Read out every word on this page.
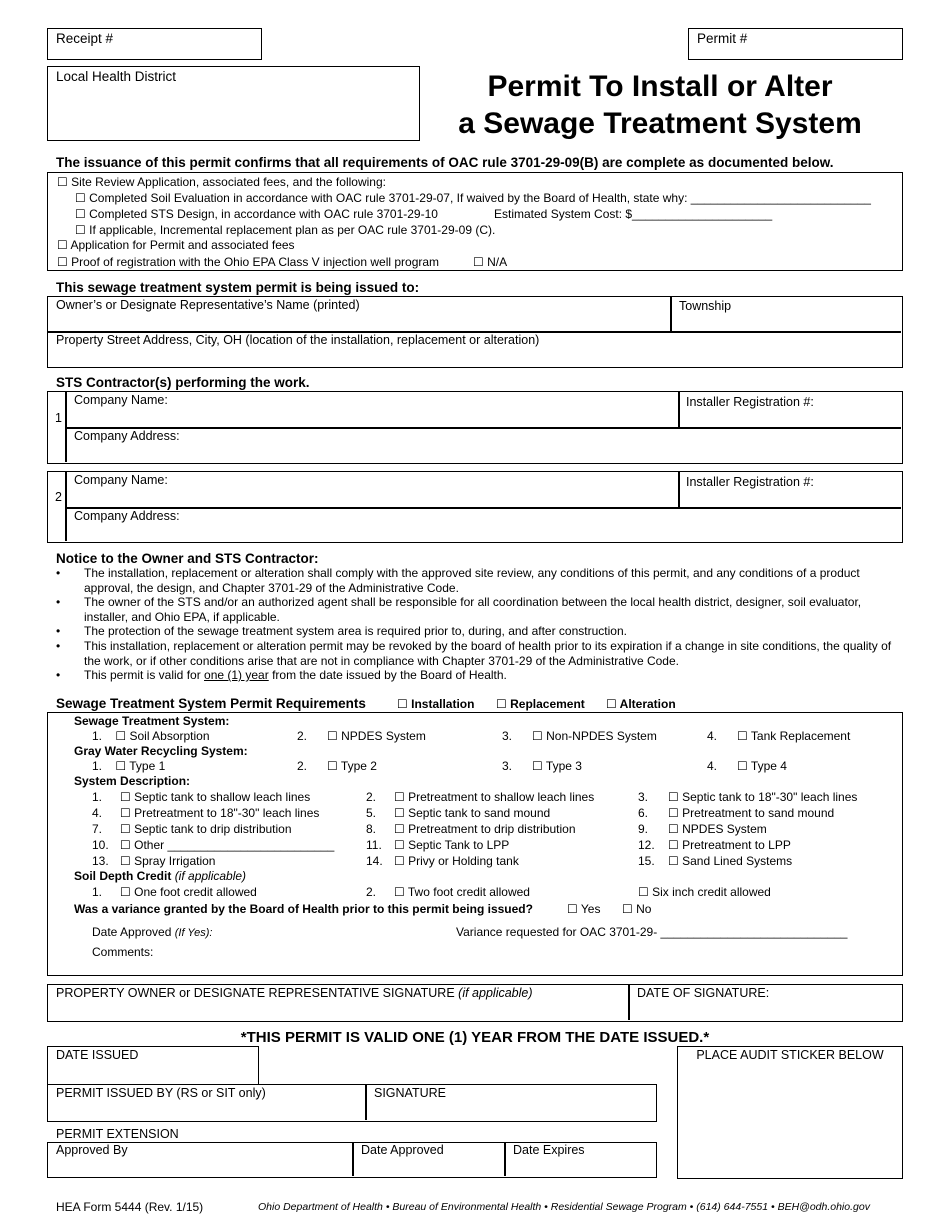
Receipt #	Permit #
Local Health District	Permit To Install or Alter
a Sewage Treatment System
The issuance of this permit confirms that all requirements of OAC rule 3701-29-09(B) are complete as documented below.
☐ Site Review Application, associated fees, and the following:
☐ Completed Soil Evaluation in accordance with OAC rule 3701-29-07, If waived by the Board of Health, state why: ___________________________
☐ Completed STS Design, in accordance with OAC rule 3701-29-10	Estimated System Cost: $_____________________
☐ If applicable, Incremental replacement plan as per OAC rule 3701-29-09 (C).
☐ Application for Permit and associated fees
☐ Proof of registration with the Ohio EPA Class V injection well program	☐ N/A
This sewage treatment system permit is being issued to:
Owner’s or Designate Representative’s Name (printed)	Township
Property Street Address, City, OH (location of the installation, replacement or alteration)
STS Contractor(s) performing the work.
1
Company Name:	Installer Registration #:
Company Address:
2
Company Name:	Installer Registration #:
Company Address:
Notice to the Owner and STS Contractor:
• The installation, replacement or alteration shall comply with the approved site review, any conditions of this permit, and any conditions of a product approval, the design, and Chapter 3701-29 of the Administrative Code.
• The owner of the STS and/or an authorized agent shall be responsible for all coordination between the local health district, designer, soil evaluator, installer, and Ohio EPA, if applicable.
• The protection of the sewage treatment system area is required prior to, during, and after construction.
• This installation, replacement or alteration permit may be revoked by the board of health prior to its expiration if a change in site conditions, the quality of the work, or if other conditions arise that are not in compliance with Chapter 3701-29 of the Administrative Code.
• This permit is valid for one (1) year from the date issued by the Board of Health.
Sewage Treatment System Permit Requirements	☐ Installation ☐ Replacement ☐ Alteration
Sewage Treatment System:
1. ☐ Soil Absorption	2. ☐ NPDES System	3. ☐ Non-NPDES System	4. ☐ Tank Replacement
Gray Water Recycling System:
1. ☐ Type 1	2. ☐ Type 2	3. ☐ Type 3	4. ☐ Type 4
System Description:
1. ☐ Septic tank to shallow leach lines	2. ☐ Pretreatment to shallow leach lines	3. ☐ Septic tank to 18"-30" leach lines
4. ☐ Pretreatment to 18"-30" leach lines	5. ☐ Septic tank to sand mound	6. ☐ Pretreatment to sand mound
7. ☐ Septic tank to drip distribution	8. ☐ Pretreatment to drip distribution	9. ☐ NPDES System
10. ☐ Other _________________________	11. ☐ Septic Tank to LPP	12. ☐ Pretreatment to LPP
13. ☐ Spray Irrigation	14. ☐ Privy or Holding tank	15. ☐ Sand Lined Systems
Soil Depth Credit (if applicable)
1. ☐ One foot credit allowed	2. ☐ Two foot credit allowed	☐ Six inch credit allowed
Was a variance granted by the Board of Health prior to this permit being issued?	☐ Yes ☐ No
Date Approved (If Yes):	Variance requested for OAC 3701-29- ____________________________
Comments:
PROPERTY OWNER or DESIGNATE REPRESENTATIVE SIGNATURE (if applicable)	DATE OF SIGNATURE:
*THIS PERMIT IS VALID ONE (1) YEAR FROM THE DATE ISSUED.*
DATE ISSUED
PERMIT ISSUED BY (RS or SIT only)	SIGNATURE
PERMIT EXTENSION
Approved By	Date Approved	Date Expires
PLACE AUDIT STICKER BELOW
HEA Form 5444 (Rev. 1/15)	Ohio Department of Health • Bureau of Environmental Health • Residential Sewage Program • (614) 644-7551 • BEH@odh.ohio.gov
